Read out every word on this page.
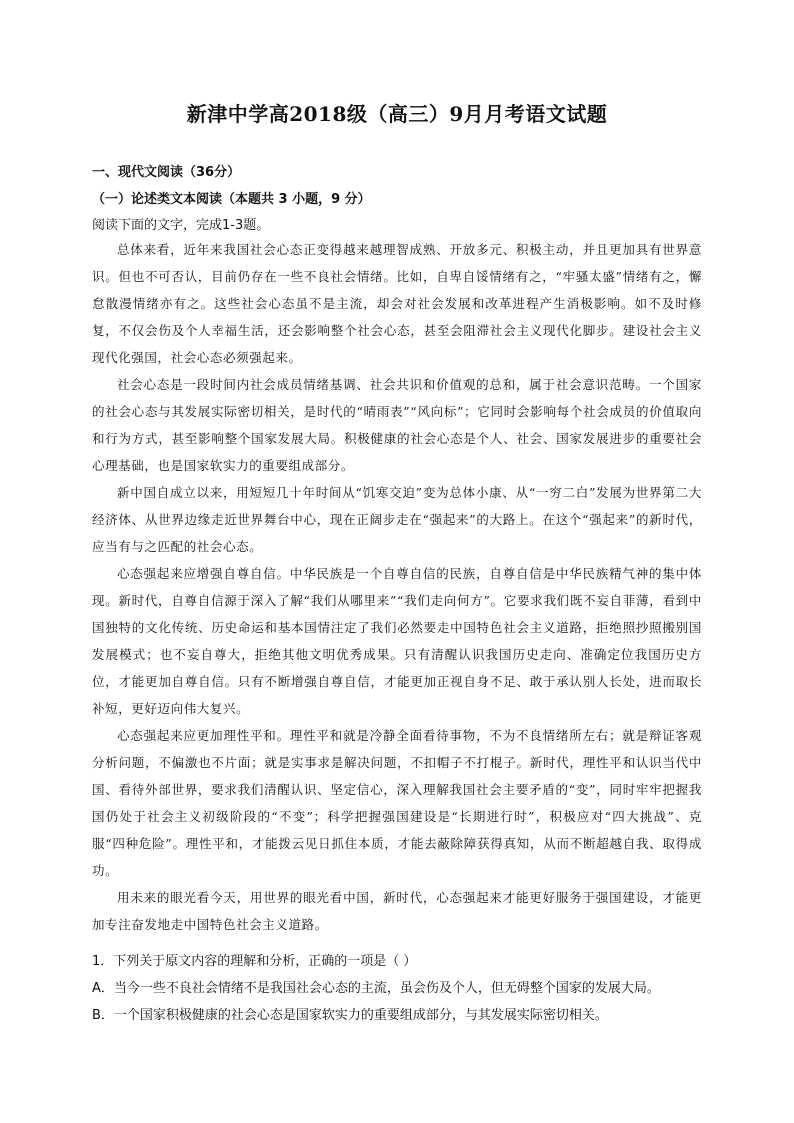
新津中学高2018级（高三）9月月考语文试题
一、现代文阅读（36分）
（一）论述类文本阅读（本题共 3 小题，9 分）
阅读下面的文字，完成1-3题。

总体来看，近年来我国社会心态正变得越来越理智成熟、开放多元、积极主动，并且更加具有世界意识。但也不可否认，目前仍存在一些不良社会情绪。比如，自卑自馁情绪有之，“牢骚太盛”情绪有之，懈怠散漫情绪亦有之。这些社会心态虽不是主流，却会对社会发展和改革进程产生消极影响。如不及时修复，不仅会伤及个人幸福生活，还会影响整个社会心态，甚至会阻滞社会主义现代化脚步。建设社会主义现代化强国，社会心态必须强起来。

社会心态是一段时间内社会成员情绪基调、社会共识和价值观的总和，属于社会意识范畴。一个国家的社会心态与其发展实际密切相关，是时代的“晴雨表”“风向标”；它同时会影响每个社会成员的价值取向和行为方式，甚至影响整个国家发展大局。积极健康的社会心态是个人、社会、国家发展进步的重要社会心理基础，也是国家软实力的重要组成部分。

新中国自成立以来，用短短几十年时间从“饥寒交迫”变为总体小康、从“一穷二白”发展为世界第二大经济体、从世界边缘走近世界舞台中心，现在正阔步走在“强起来”的大路上。在这个“强起来”的新时代，应当有与之匹配的社会心态。

心态强起来应增强自尊自信。中华民族是一个自尊自信的民族，自尊自信是中华民族精气神的集中体现。新时代，自尊自信源于深入了解“我们从哪里来”“我们走向何方”。它要求我们既不妄自菲薄，看到中国独特的文化传统、历史命运和基本国情注定了我们必然要走中国特色社会主义道路，拒绝照抄照搬别国发展模式；也不妄自尊大，拒绝其他文明优秀成果。只有清醒认识我国历史走向、准确定位我国历史方位，才能更加自尊自信。只有不断增强自尊自信，才能更加正视自身不足、敢于承认别人长处，进而取长补短，更好迈向伟大复兴。

心态强起来应更加理性平和。理性平和就是冷静全面看待事物，不为不良情绪所左右；就是辩证客观分析问题，不偏激也不片面；就是实事求是解决问题，不扣帽子不打棍子。新时代，理性平和认识当代中国、看待外部世界，要求我们清醒认识、坚定信心，深入理解我国社会主要矛盾的“变”，同时牢牢把握我国仍处于社会主义初级阶段的“不变”；科学把握强国建设是“长期进行时”，积极应对“四大挑战”、克服“四种危险”。理性平和，才能拨云见日抓住本质，才能去蔽除障获得真知，从而不断超越自我、取得成功。

用未来的眼光看今天，用世界的眼光看中国，新时代，心态强起来才能更好服务于强国建设，才能更加专注奋发地走中国特色社会主义道路。

1．下列关于原文内容的理解和分析，正确的一项是（ ）
A．当今一些不良社会情绪不是我国社会心态的主流，虽会伤及个人，但无碍整个国家的发展大局。
B．一个国家积极健康的社会心态是国家软实力的重要组成部分，与其发展实际密切相关。
